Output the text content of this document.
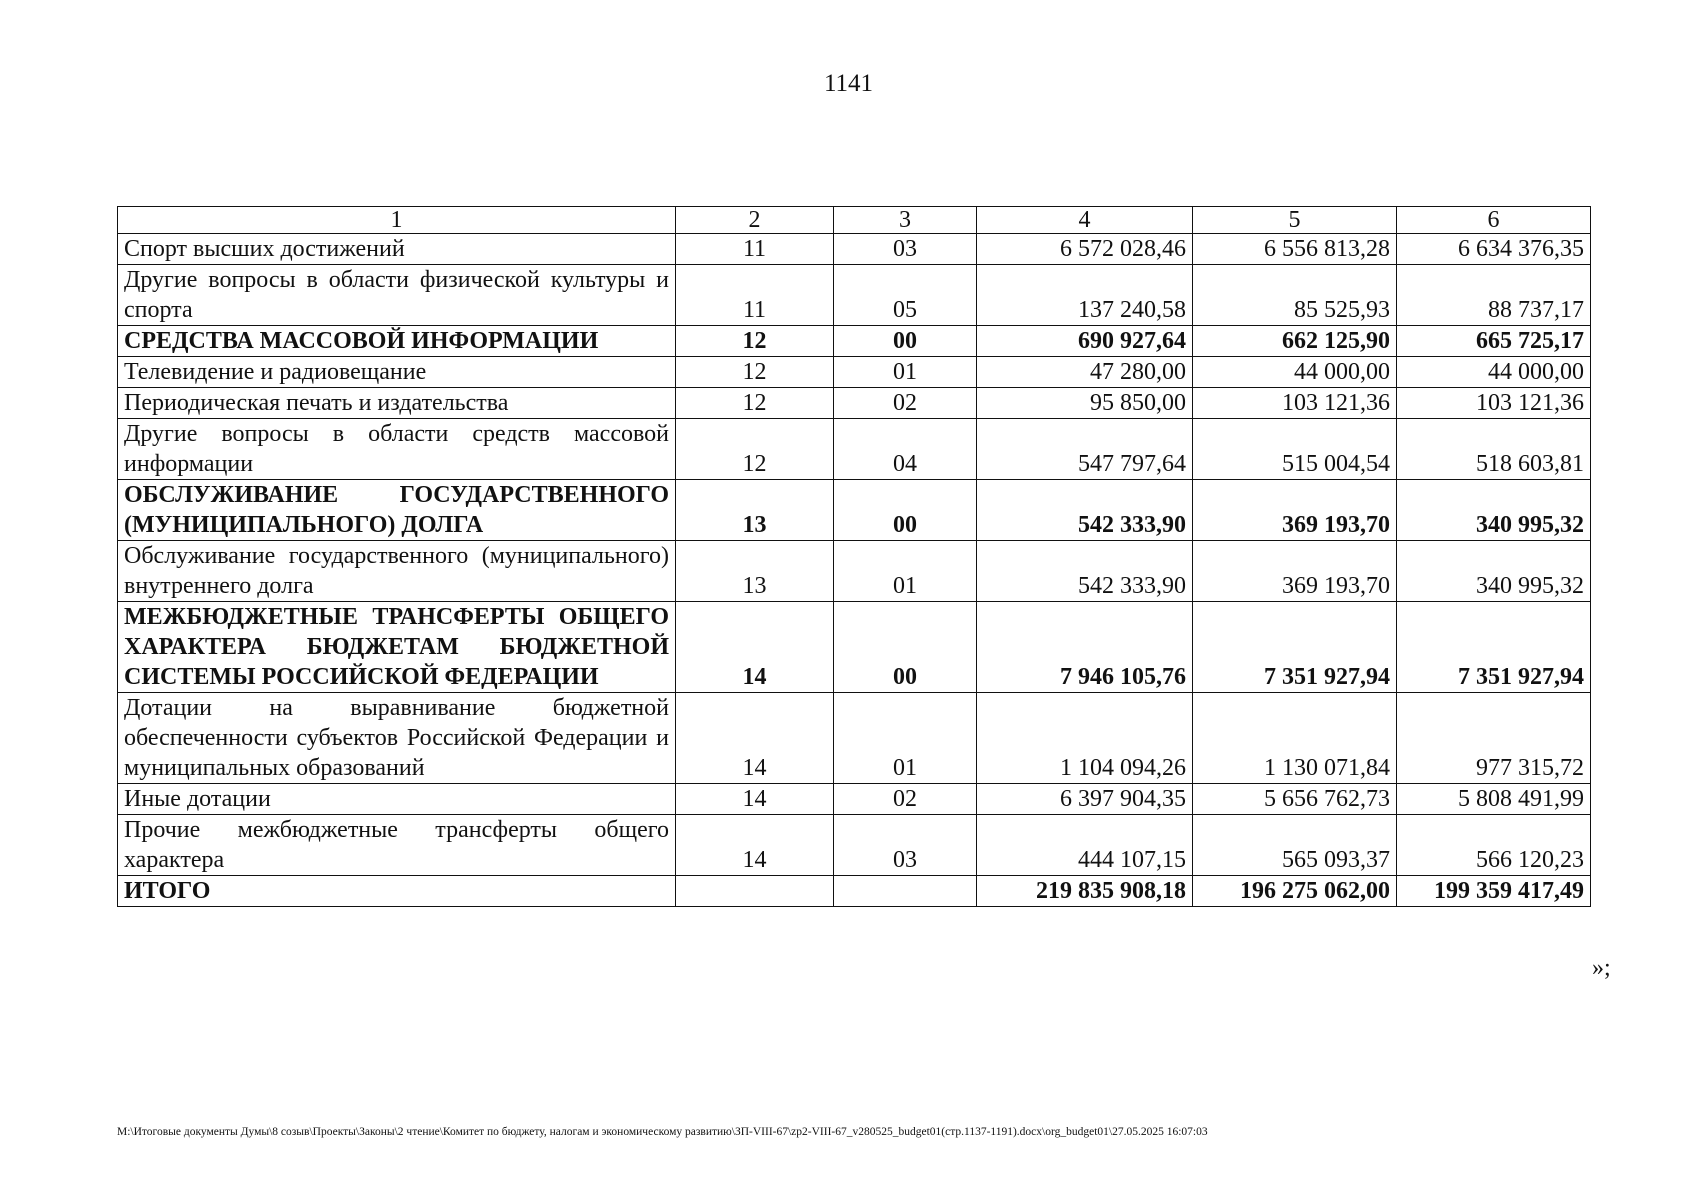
1141
1	2	3	4	5	6
Спорт высших достижений	11	03	6 572 028,46	6 556 813,28	6 634 376,35
Другие вопросы в области физической культуры и спорта	11	05	137 240,58	85 525,93	88 737,17
СРЕДСТВА МАССОВОЙ ИНФОРМАЦИИ	12	00	690 927,64	662 125,90	665 725,17
Телевидение и радиовещание	12	01	47 280,00	44 000,00	44 000,00
Периодическая печать и издательства	12	02	95 850,00	103 121,36	103 121,36
Другие вопросы в области средств массовой информации	12	04	547 797,64	515 004,54	518 603,81
ОБСЛУЖИВАНИЕ ГОСУДАРСТВЕННОГО (МУНИЦИПАЛЬНОГО) ДОЛГА	13	00	542 333,90	369 193,70	340 995,32
Обслуживание государственного (муниципального) внутреннего долга	13	01	542 333,90	369 193,70	340 995,32
МЕЖБЮДЖЕТНЫЕ ТРАНСФЕРТЫ ОБЩЕГО ХАРАКТЕРА БЮДЖЕТАМ БЮДЖЕТНОЙ СИСТЕМЫ РОССИЙСКОЙ ФЕДЕРАЦИИ	14	00	7 946 105,76	7 351 927,94	7 351 927,94
Дотации на выравнивание бюджетной обеспеченности субъектов Российской Федерации и муниципальных образований	14	01	1 104 094,26	1 130 071,84	977 315,72
Иные дотации	14	02	6 397 904,35	5 656 762,73	5 808 491,99
Прочие межбюджетные трансферты общего характера	14	03	444 107,15	565 093,37	566 120,23
ИТОГО			219 835 908,18	196 275 062,00	199 359 417,49
»;
M:\Итоговые документы Думы\8 созыв\Проекты\Законы\2 чтение\Комитет по бюджету, налогам и экономическому развитию\ЗП-VIII-67\zp2-VIII-67_v280525_budget01(стр.1137-1191).docx\org_budget01\27.05.2025 16:07:03
